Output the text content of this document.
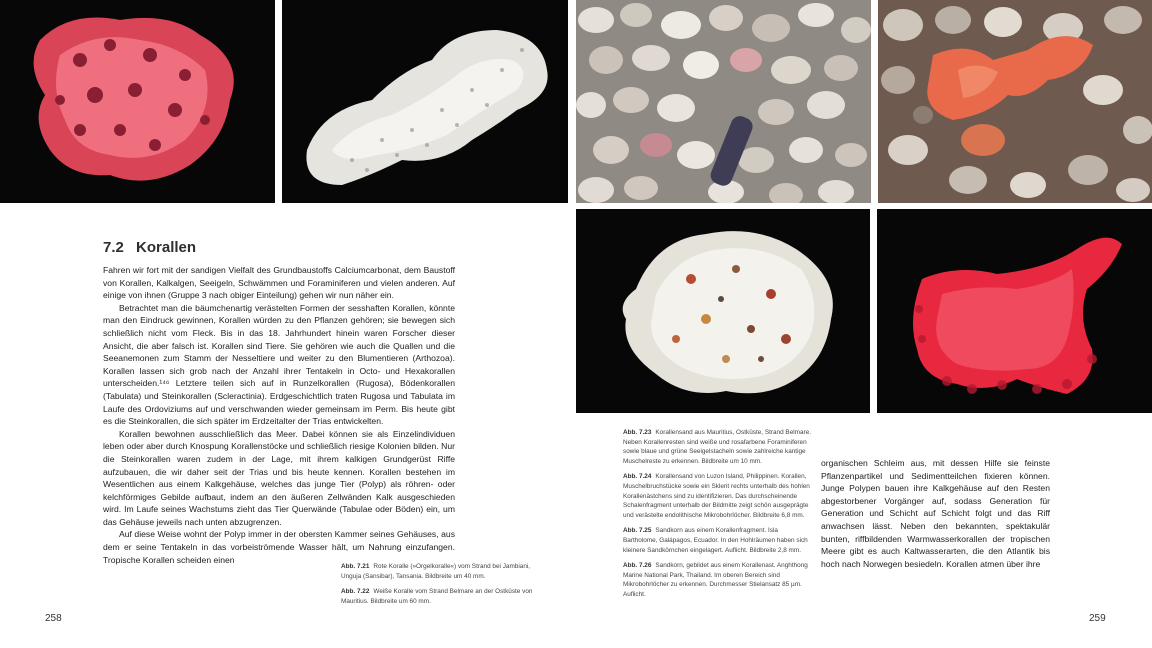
7.2 Korallen

Fahren wir fort mit der sandigen Vielfalt des Grundbaustoffs Calciumcarbonat, dem Baustoff von Korallen, Kalkalgen, Seeigeln, Schwämmen und Foraminiferen und vielen anderen. Auf einige von ihnen (Gruppe 3 nach obiger Einteilung) gehen wir nun näher ein.

Betrachtet man die bäumchenartig verästelten Formen der sesshaften Korallen, könnte man den Eindruck gewinnen, Korallen würden zu den Pflanzen gehören; sie bewegen sich schließlich nicht vom Fleck. Bis in das 18. Jahrhundert hinein waren Forscher dieser Ansicht, die aber falsch ist. Korallen sind Tiere. Sie gehören wie auch die Quallen und die Seeanemonen zum Stamm der Nesseltiere und weiter zu den Blumentieren (Arthozoa). Korallen lassen sich grob nach der Anzahl ihrer Tentakeln in Octo- und Hexakorallen unterscheiden.¹⁴⁶ Letztere teilen sich auf in Runzelkorallen (Rugosa), Bödenkorallen (Tabulata) und Steinkorallen (Scleractinia). Erdgeschichtlich traten Rugosa und Tabulata im Laufe des Ordoviziums auf und verschwanden wieder gemeinsam im Perm. Bis heute gibt es die Steinkorallen, die sich später im Erdzeitalter der Trias entwickelten.

Korallen bewohnen ausschließlich das Meer. Dabei können sie als Einzelindividuen leben oder aber durch Knospung Korallenstöcke und schließlich riesige Kolonien bilden. Nur die Steinkorallen waren zudem in der Lage, mit ihrem kalkigen Grundgerüst Riffe aufzubauen, die wir daher seit der Trias und bis heute kennen. Korallen bestehen im Wesentlichen aus einem Kalkgehäuse, welches das junge Tier (Polyp) als röhren- oder kelchförmiges Gebilde aufbaut, indem an den äußeren Zellwänden Kalk ausgeschieden wird. Im Laufe seines Wachstums zieht das Tier Querwände (Tabulae oder Böden) ein, um das Gehäuse jeweils nach unten abzugrenzen.

Auf diese Weise wohnt der Polyp immer in der obersten Kammer seines Gehäuses, aus dem er seine Tentakeln in das vorbeiströmende Wasser hält, um Nahrung einzufangen. Tropische Korallen scheiden einen

organischen Schleim aus, mit dessen Hilfe sie feinste Pflanzenpartikel und Sedimentteilchen fixieren können. Junge Polypen bauen ihre Kalkgehäuse auf den Resten abgestorbener Vorgänger auf, sodass Generation für Generation und Schicht auf Schicht folgt und das Riff anwachsen lässt. Neben den bekannten, spektakulär bunten, riffbildenden Warmwasserkorallen der tropischen Meere gibt es auch Kaltwasserarten, die den Atlantik bis hoch nach Norwegen besiedeln. Korallen atmen über ihre

Abb. 7.21 Rote Koralle (»Orgelkoralle«) vom Strand bei Jambiani, Unguja (Sansibar), Tansania. Bildbreite um 40 mm.

Abb. 7.22 Weiße Koralle vom Strand Belmare an der Ostküste von Mauritius. Bildbreite um 60 mm.

Abb. 7.23 Korallensand aus Mauritius, Ostküste, Strand Belmare. Neben Korallenresten sind weiße und rosafarbene Foraminiferen sowie blaue und grüne Seeigelstacheln sowie zahlreiche kantige Muschelreste zu erkennen. Bildbreite um 10 mm.

Abb. 7.24 Korallensand von Luzon Island, Philippinen. Korallen, Muschelbruchstücke sowie ein Sklerit rechts unterhalb des hohlen Korallenästchens sind zu identifizieren. Das durchscheinende Schalenfragment unterhalb der Bildmitte zeigt schön ausgeprägte und verästelte endolithische Mikrobohrlöcher. Bildbreite 6,8 mm.

Abb. 7.25 Sandkorn aus einem Korallenfragment. Isla Bartholome, Galápagos, Ecuador. In den Hohlräumen haben sich kleinere Sandkörnchen eingelagert. Auflicht. Bildbreite 2,8 mm.

Abb. 7.26 Sandkorn, gebildet aus einem Korallenast. Anghthong Marine National Park, Thailand. Im oberen Bereich sind Mikrobohrlöcher zu erkennen. Durchmesser Stielansatz 85 µm. Auflicht.

258	259
